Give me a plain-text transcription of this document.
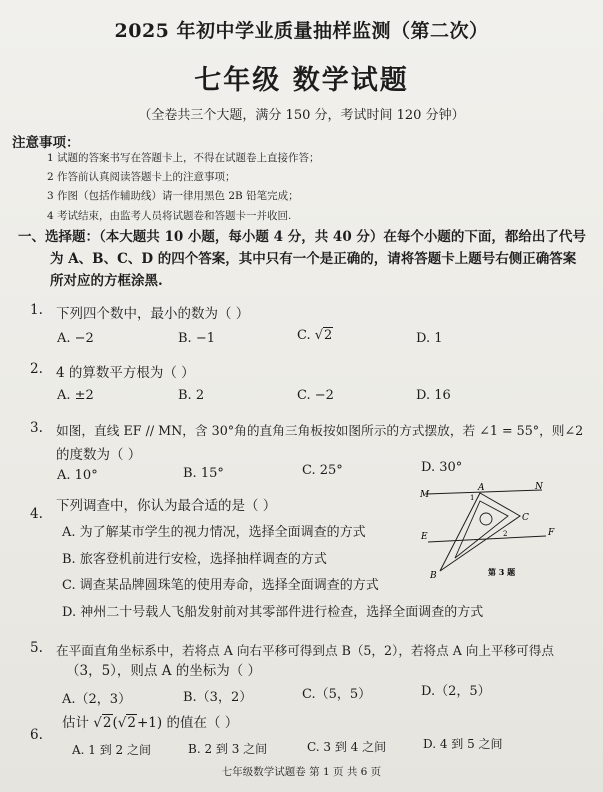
2025 年初中学业质量抽样监测（第二次）
七年级 数学试题
（全卷共三个大题，满分 150 分，考试时间 120 分钟）
注意事项：
1 试题的答案书写在答题卡上，不得在试题卷上直接作答；
2 作答前认真阅读答题卡上的注意事项；
3 作图（包括作辅助线）请一律用黑色 2B 铅笔完成；
4 考试结束，由监考人员将试题卷和答题卡一并收回.
一、选择题：（本大题共 10 小题，每小题 4 分，共 40 分）在每个小题的下面，都给出了代号
为 A、B、C、D 的四个答案，其中只有一个是正确的，请将答题卡上题号右侧正确答案
所对应的方框涂黑.
1. 下列四个数中，最小的数为（ ）
A. −2	B. −1	C. √2	D. 1
2. 4 的算数平方根为（ ）
A. ±2	B. 2	C. −2	D. 16
3. 如图，直线 EF // MN，含 30°角的直角三角板按如图所示的方式摆放，若 ∠1 = 55°，则∠2
的度数为（ ）
A. 10°	B. 15°	C. 25°	D. 30°
M
N
A
1
C
2
E	F
B	第 3 题
4. 下列调查中，你认为最合适的是（ ）
A. 为了解某市学生的视力情况，选择全面调查的方式
B. 旅客登机前进行安检，选择抽样调查的方式
C. 调查某品牌圆珠笔的使用寿命，选择全面调查的方式
D. 神州二十号载人飞船发射前对其零部件进行检查，选择全面调查的方式
5. 在平面直角坐标系中，若将点 A 向右平移可得到点 B（5，2），若将点 A 向上平移可得点
（3，5），则点 A 的坐标为（ ）
A.（2，3）	B.（3，2）	C.（5，5）	D.（2，5）
6.
估计 √2(√2+1) 的值在（ ）
A. 1 到 2 之间	B. 2 到 3 之间	C. 3 到 4 之间	D. 4 到 5 之间
七年级数学试题卷 第 1 页 共 6 页
